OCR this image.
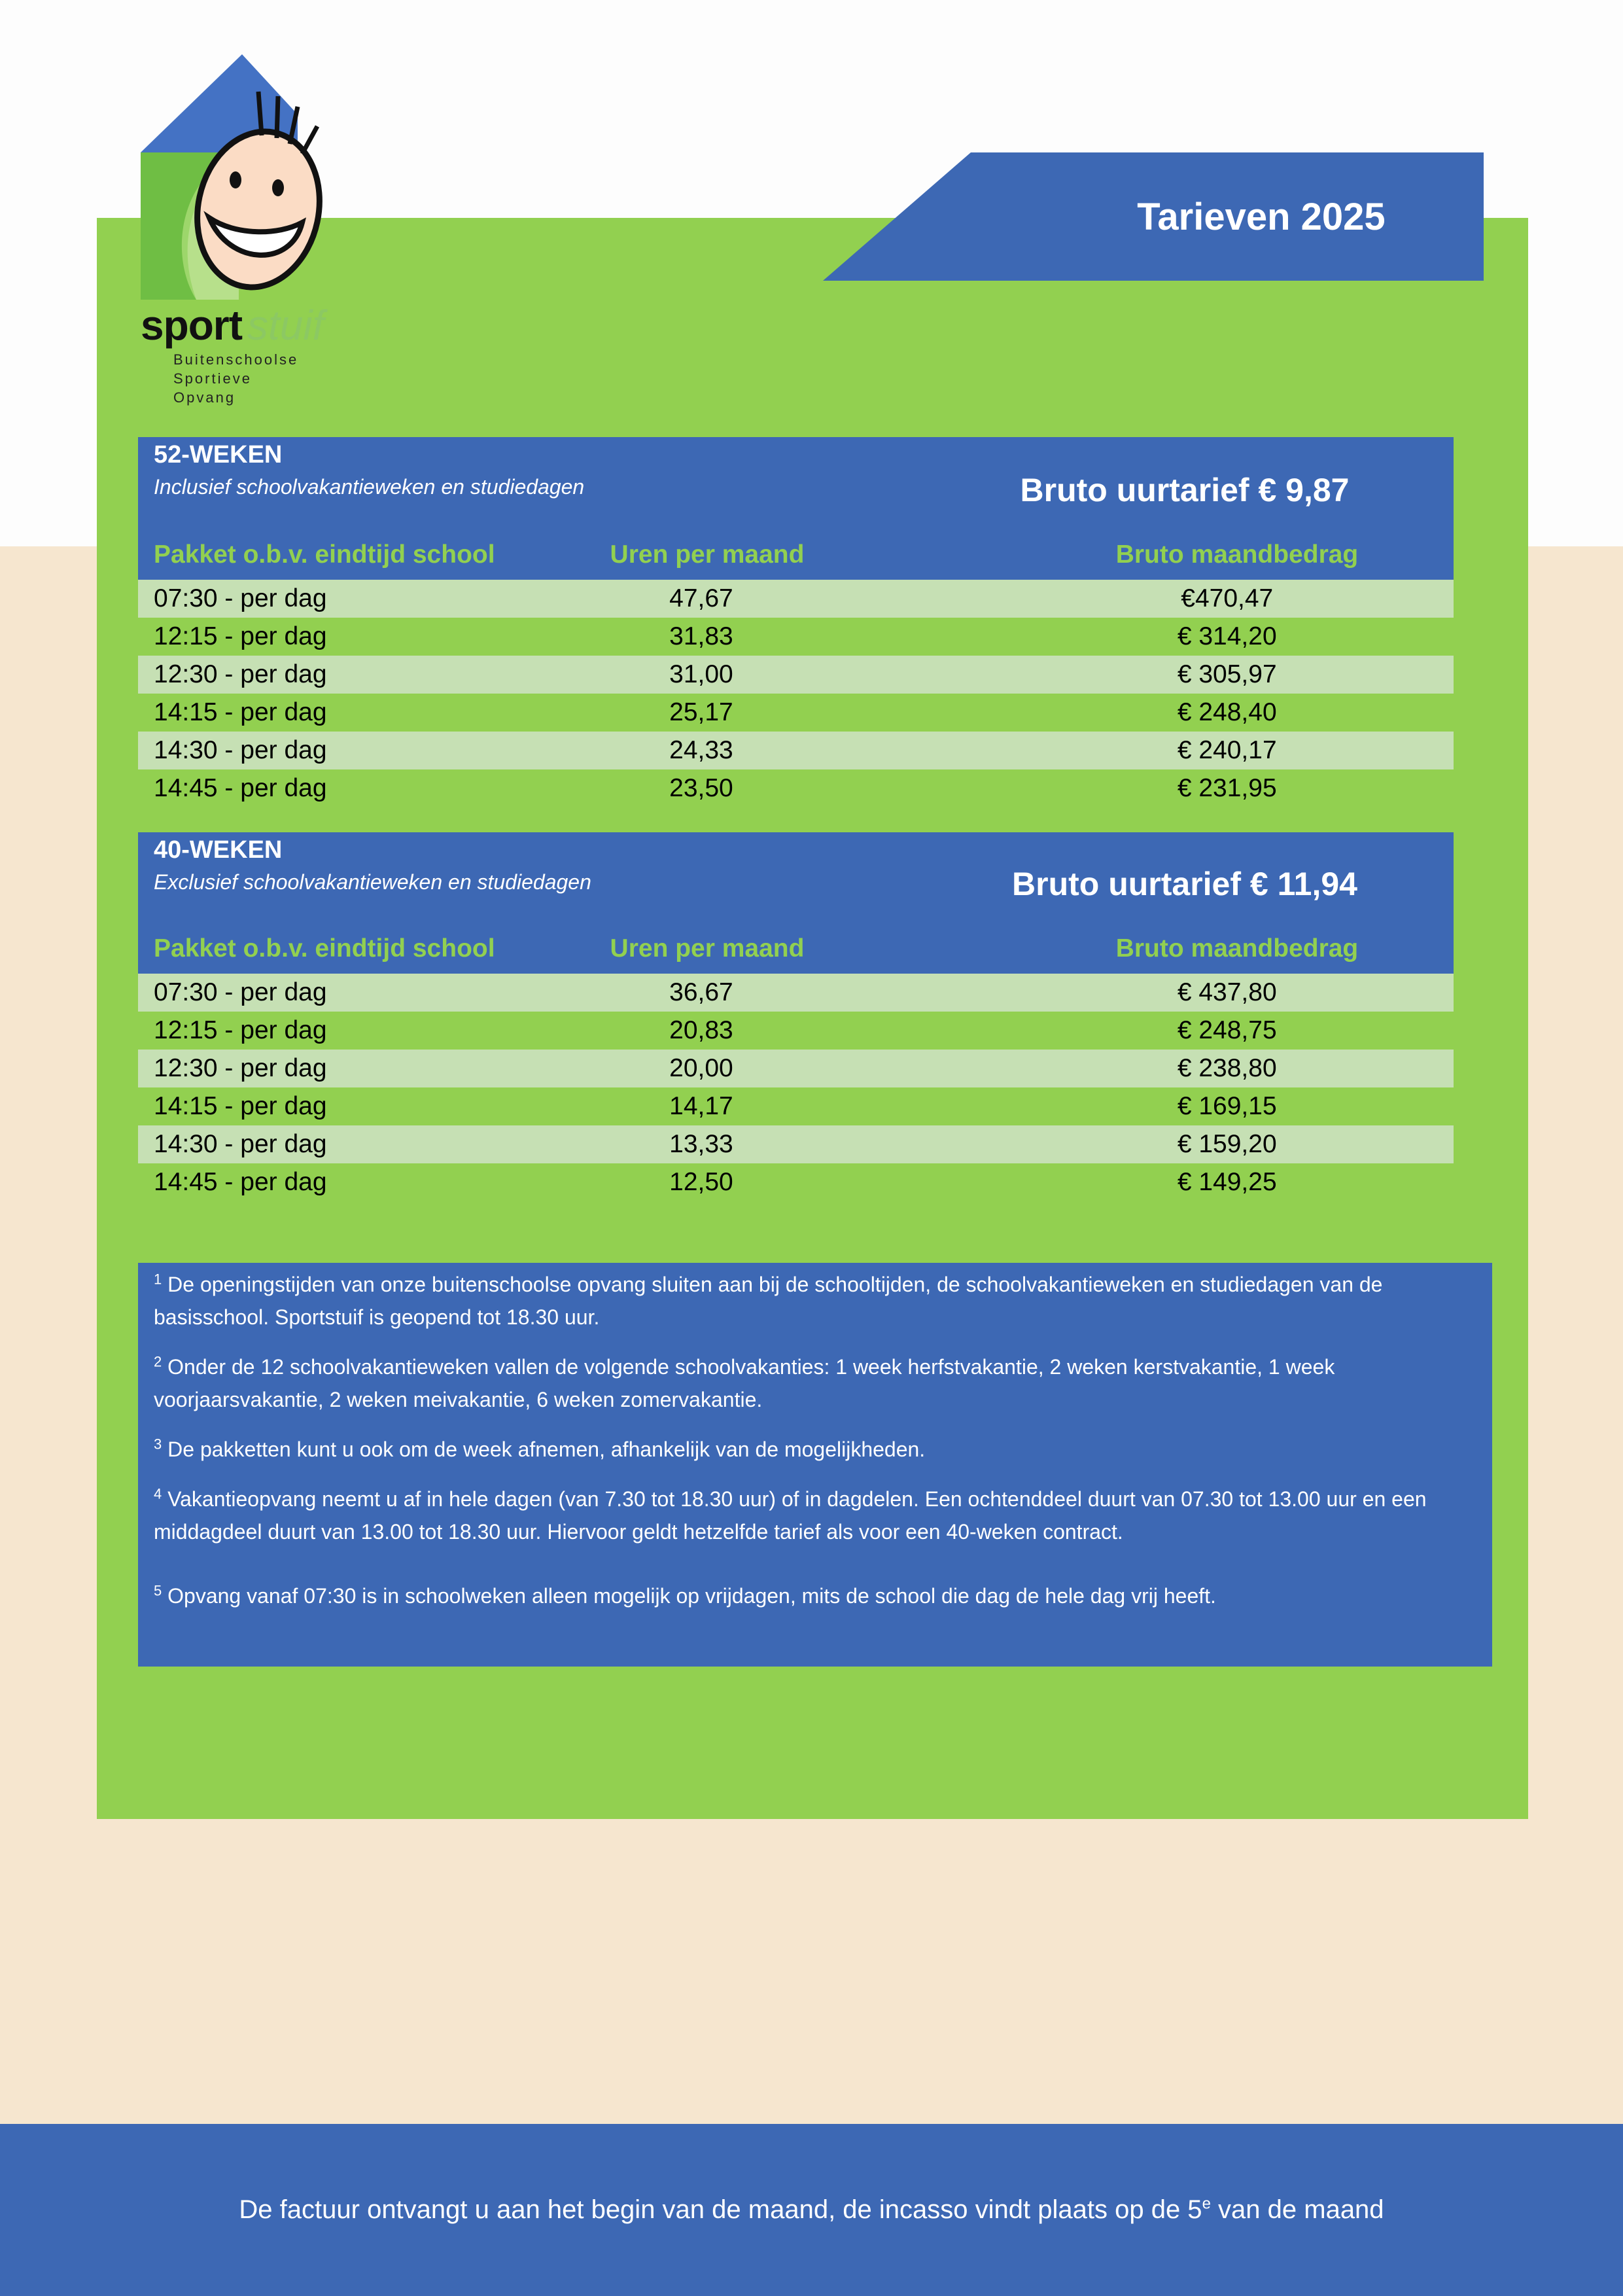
sport stuif
Buitenschoolse
Sportieve
Opvang
Tarieven 2025
52-WEKEN
Inclusief schoolvakantieweken en studiedagen	Bruto uurtarief € 9,87
Pakket o.b.v. eindtijd school	Uren per maand	Bruto maandbedrag
07:30 - per dag	47,67	€470,47
12:15 - per dag	31,83	€ 314,20
12:30 - per dag	31,00	€ 305,97
14:15 - per dag	25,17	€ 248,40
14:30 - per dag	24,33	€ 240,17
14:45 - per dag	23,50	€ 231,95
40-WEKEN
Exclusief schoolvakantieweken en studiedagen	Bruto uurtarief € 11,94
Pakket o.b.v. eindtijd school	Uren per maand	Bruto maandbedrag
07:30 - per dag	36,67	€ 437,80
12:15 - per dag	20,83	€ 248,75
12:30 - per dag	20,00	€ 238,80
14:15 - per dag	14,17	€ 169,15
14:30 - per dag	13,33	€ 159,20
14:45 - per dag	12,50	€ 149,25

$^1$ De openingstijden van onze buitenschoolse opvang sluiten aan bij de schooltijden, de schoolvakantieweken en studiedagen van de basisschool. Sportstuif is geopend tot 18.30 uur.

$^2$ Onder de 12 schoolvakantieweken vallen de volgende schoolvakanties: 1 week herfstvakantie, 2 weken kerstvakantie, 1 week voorjaarsvakantie, 2 weken meivakantie, 6 weken zomervakantie.

$^3$ De pakketten kunt u ook om de week afnemen, afhankelijk van de mogelijkheden.

$^4$ Vakantieopvang neemt u af in hele dagen (van 7.30 tot 18.30 uur) of in dagdelen. Een ochtenddeel duurt van 07.30 tot 13.00 uur en een middagdeel duurt van 13.00 tot 18.30 uur. Hiervoor geldt hetzelfde tarief als voor een 40-weken contract.

$^5$ Opvang vanaf 07:30 is in schoolweken alleen mogelijk op vrijdagen, mits de school die dag de hele dag vrij heeft.

De factuur ontvangt u aan het begin van de maand, de incasso vindt plaats op de 5e van de maand
